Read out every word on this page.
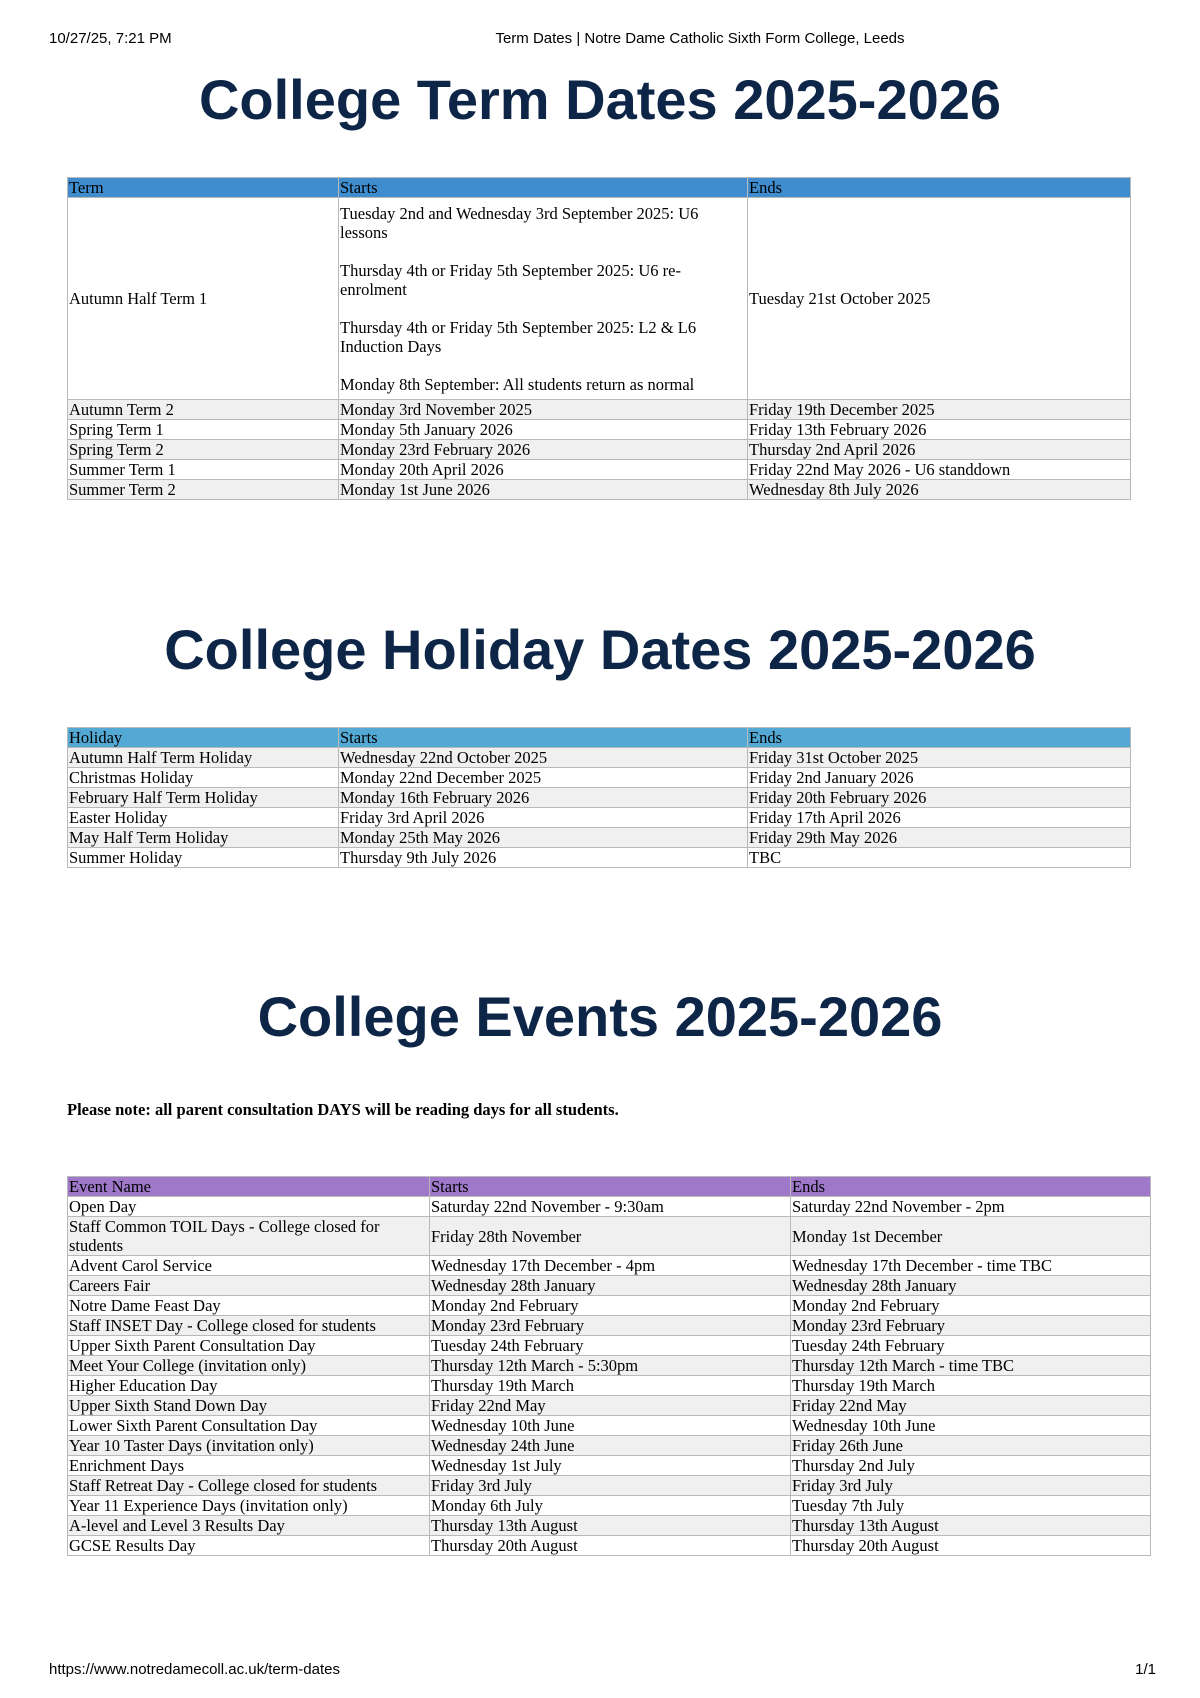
10/27/25, 7:21 PM	Term Dates | Notre Dame Catholic Sixth Form College, Leeds
College Term Dates 2025-2026
Term	Starts	Ends
Autumn Half Term 1	Tuesday 2nd and Wednesday 3rd September 2025: U6 lessons
Thursday 4th or Friday 5th September 2025: U6 re-enrolment
Thursday 4th or Friday 5th September 2025: L2 & L6 Induction Days
Monday 8th September: All students return as normal	Tuesday 21st October 2025
Autumn Term 2	Monday 3rd November 2025	Friday 19th December 2025
Spring Term 1	Monday 5th January 2026	Friday 13th February 2026
Spring Term 2	Monday 23rd February 2026	Thursday 2nd April 2026
Summer Term 1	Monday 20th April 2026	Friday 22nd May 2026 - U6 standdown
Summer Term 2	Monday 1st June 2026	Wednesday 8th July 2026
College Holiday Dates 2025-2026
Holiday	Starts	Ends
Autumn Half Term Holiday	Wednesday 22nd October 2025	Friday 31st October 2025
Christmas Holiday	Monday 22nd December 2025	Friday 2nd January 2026
February Half Term Holiday	Monday 16th February 2026	Friday 20th February 2026
Easter Holiday	Friday 3rd April 2026	Friday 17th April 2026
May Half Term Holiday	Monday 25th May 2026	Friday 29th May 2026
Summer Holiday	Thursday 9th July 2026	TBC
College Events 2025-2026

Please note: all parent consultation DAYS will be reading days for all students.

Event Name	Starts	Ends
Open Day	Saturday 22nd November - 9:30am	Saturday 22nd November - 2pm
Staff Common TOIL Days - College closed for students	Friday 28th November	Monday 1st December
Advent Carol Service	Wednesday 17th December - 4pm	Wednesday 17th December - time TBC
Careers Fair	Wednesday 28th January	Wednesday 28th January
Notre Dame Feast Day	Monday 2nd February	Monday 2nd February
Staff INSET Day - College closed for students	Monday 23rd February	Monday 23rd February
Upper Sixth Parent Consultation Day	Tuesday 24th February	Tuesday 24th February
Meet Your College (invitation only)	Thursday 12th March - 5:30pm	Thursday 12th March - time TBC
Higher Education Day	Thursday 19th March	Thursday 19th March
Upper Sixth Stand Down Day	Friday 22nd May	Friday 22nd May
Lower Sixth Parent Consultation Day	Wednesday 10th June	Wednesday 10th June
Year 10 Taster Days (invitation only)	Wednesday 24th June	Friday 26th June
Enrichment Days	Wednesday 1st July	Thursday 2nd July
Staff Retreat Day - College closed for students	Friday 3rd July	Friday 3rd July
Year 11 Experience Days (invitation only)	Monday 6th July	Tuesday 7th July
A-level and Level 3 Results Day	Thursday 13th August	Thursday 13th August
GCSE Results Day	Thursday 20th August	Thursday 20th August
https://www.notredamecoll.ac.uk/term-dates	1/1
